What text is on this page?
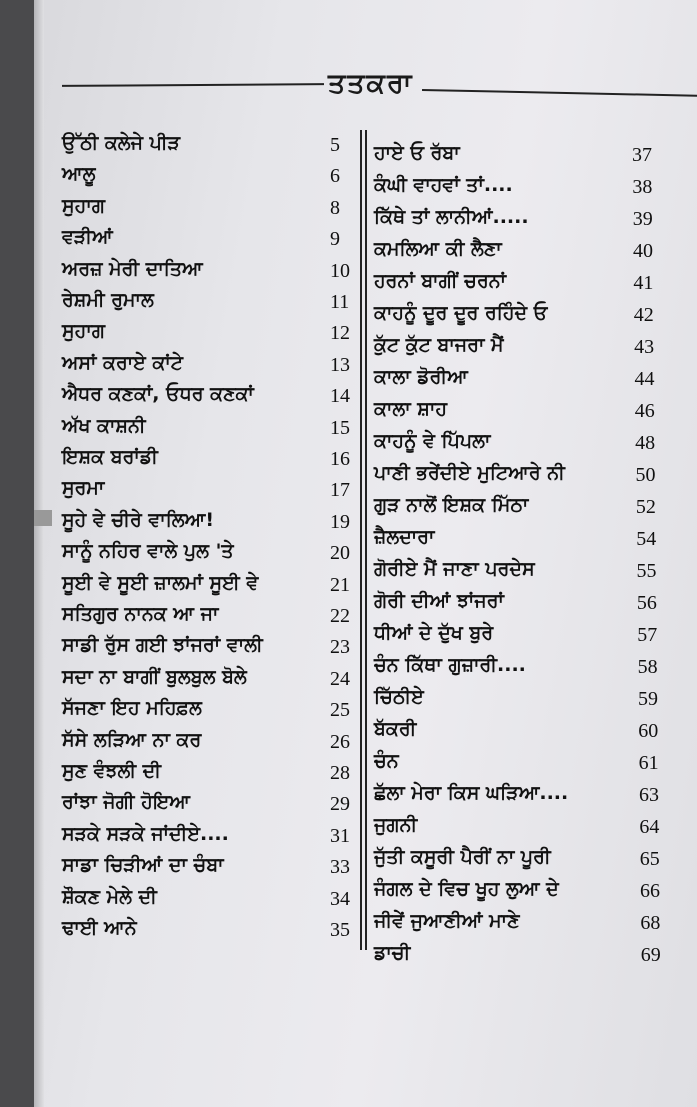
ਤਤਕਰਾ
ਉੱਠੀ ਕਲੇਜੇ ਪੀੜ	5
ਆਲੂ	6
ਸੁਹਾਗ	8
ਵੜੀਆਂ	9
ਅਰਜ਼ ਮੇਰੀ ਦਾਤਿਆ	10
ਰੇਸ਼ਮੀ ਰੁਮਾਲ	11
ਸੁਹਾਗ	12
ਅਸਾਂ ਕਰਾਏ ਕਾਂਟੇ	13
ਐਧਰ ਕਣਕਾਂ, ਓਧਰ ਕਣਕਾਂ	14
ਅੱਖ ਕਾਸ਼ਨੀ	15
ਇਸ਼ਕ ਬਰਾਂਡੀ	16
ਸੁਰਮਾ	17
ਸੂਹੇ ਵੇ ਚੀਰੇ ਵਾਲਿਆ!	19
ਸਾਨੂੰ ਨਹਿਰ ਵਾਲੇ ਪੁਲ 'ਤੇ	20
ਸੂਈ ਵੇ ਸੂਈ ਜ਼ਾਲਮਾਂ ਸੂਈ ਵੇ	21
ਸਤਿਗੁਰ ਨਾਨਕ ਆ ਜਾ	22
ਸਾਡੀ ਰੁੱਸ ਗਈ ਝਾਂਜਰਾਂ ਵਾਲੀ	23
ਸਦਾ ਨਾ ਬਾਗੀਂ ਬੁਲਬੁਲ ਬੋਲੇ	24
ਸੱਜਣਾ ਇਹ ਮਹਿਫ਼ਲ	25
ਸੱਸੇ ਲੜਿਆ ਨਾ ਕਰ	26
ਸੁਣ ਵੰਝਲੀ ਦੀ	28
ਰਾਂਝਾ ਜੋਗੀ ਹੋਇਆ	29
ਸੜਕੇ ਸੜਕੇ ਜਾਂਦੀਏ....	31
ਸਾਡਾ ਚਿੜੀਆਂ ਦਾ ਚੰਬਾ	33
ਸ਼ੌਕਣ ਮੇਲੇ ਦੀ	34
ਢਾਈ ਆਨੇ	35
ਹਾਏ ਓ ਰੱਬਾ	37
ਕੰਘੀ ਵਾਹਵਾਂ ਤਾਂ....	38
ਕਿੱਥੇ ਤਾਂ ਲਾਨੀਆਂ.....	39
ਕਮਲਿਆ ਕੀ ਲੈਣਾ	40
ਹਰਨਾਂ ਬਾਗੀਂ ਚਰਨਾਂ	41
ਕਾਹਨੂੰ ਦੂਰ ਦੂਰ ਰਹਿੰਦੇ ਓ	42
ਕੁੱਟ ਕੁੱਟ ਬਾਜਰਾ ਮੈਂ	43
ਕਾਲਾ ਡੋਰੀਆ	44
ਕਾਲਾ ਸ਼ਾਹ	46
ਕਾਹਨੂੰ ਵੇ ਪਿੱਪਲਾ	48
ਪਾਣੀ ਭਰੇਂਦੀਏ ਮੁਟਿਆਰੇ ਨੀ	50
ਗੁੜ ਨਾਲੋਂ ਇਸ਼ਕ ਮਿੱਠਾ	52
ਜ਼ੈਲਦਾਰਾ	54
ਗੋਰੀਏ ਮੈਂ ਜਾਣਾ ਪਰਦੇਸ	55
ਗੋਰੀ ਦੀਆਂ ਝਾਂਜਰਾਂ	56
ਧੀਆਂ ਦੇ ਦੁੱਖ ਬੁਰੇ	57
ਚੰਨ ਕਿੱਥਾ ਗੁਜ਼ਾਰੀ....	58
ਚਿੱਠੀਏ	59
ਬੱਕਰੀ	60
ਚੰਨ	61
ਛੱਲਾ ਮੇਰਾ ਕਿਸ ਘੜਿਆ....	63
ਜੁਗਨੀ	64
ਜੁੱਤੀ ਕਸੂਰੀ ਪੈਰੀਂ ਨਾ ਪੂਰੀ	65
ਜੰਗਲ ਦੇ ਵਿਚ ਖੂਹ ਲੁਆ ਦੇ	66
ਜੀਵੇਂ ਜੁਆਣੀਆਂ ਮਾਣੇ	68
ਡਾਚੀ	69
